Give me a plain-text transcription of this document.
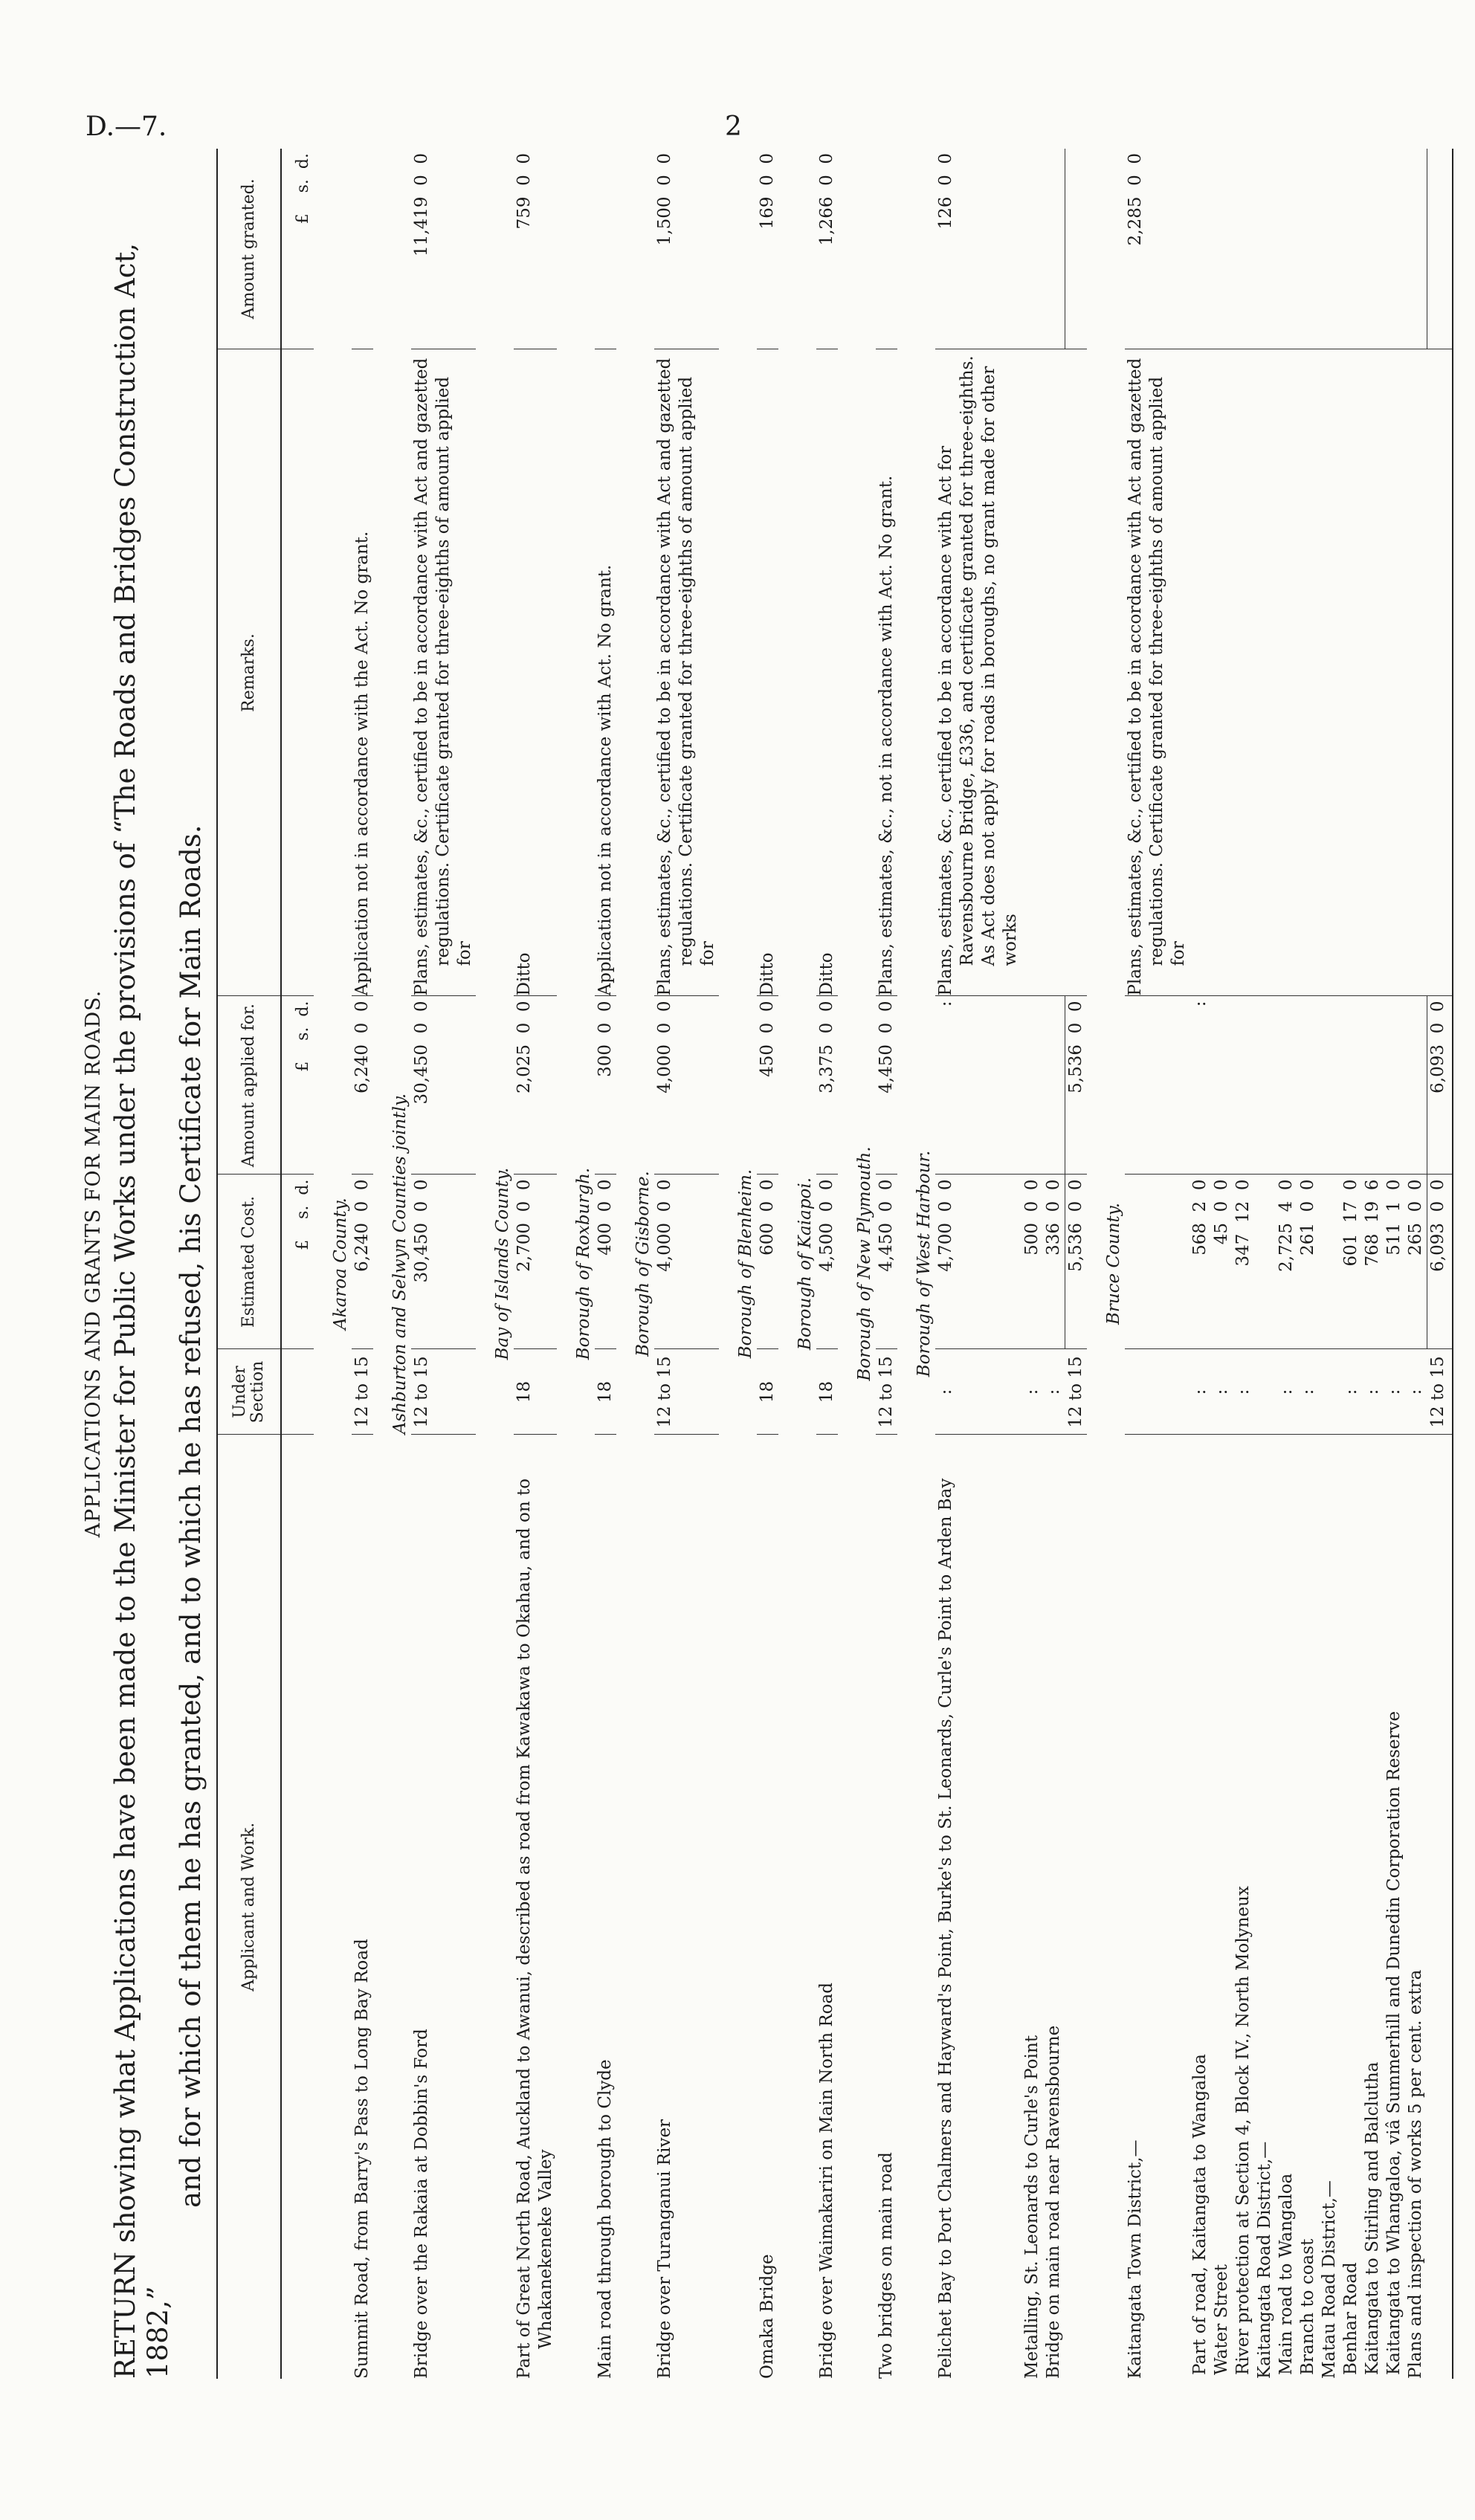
D.—7.	2
APPLICATIONS AND GRANTS FOR MAIN ROADS. RETURN showing what Applications have been made to the Minister for Public Works under the provisions of “The Roads and Bridges Construction Act, 1882,”
and for which of them he has granted, and to which he has refused, his Certificate for Main Roads. Applicant and Work.	Under Section	Estimated Cost.	Amount applied for.	Remarks.	Amount granted.
		£    s.  d.	£    s.  d.		£    s.  d.
Akaroa County.					
Summit Road, from Barry's Pass to Long Bay Road	12 to 15	6,240  0  0	6,240  0  0	Application not in accordance with the Act. No grant.	
Ashburton and Selwyn Counties jointly.					
Bridge over the Rakaia at Dobbin's Ford	12 to 15	30,450  0  0	30,450  0  0	Plans, estimates, &c., certified to be in accordance with Act and gazetted regulations. Certificate granted for three-eighths of amount applied for	11,419  0  0
Bay of Islands County.					
Part of Great North Road, Auckland to Awanui, described as road from Kawakawa to Okahau, and on to Whakanekeneke Valley	18	2,700  0  0	2,025  0  0	Ditto	759  0  0
Borough of Roxburgh.					
Main road through borough to Clyde	18	400  0  0	300  0  0	Application not in accordance with Act. No grant.	
Borough of Gisborne.					
Bridge over Turanganui River	12 to 15	4,000  0  0	4,000  0  0	Plans, estimates, &c., certified to be in accordance with Act and gazetted regulations. Certificate granted for three-eighths of amount applied for	1,500  0  0
Borough of Blenheim.					
Omaka Bridge	18	600  0  0	450  0  0	Ditto	169  0  0
Borough of Kaiapoi.					
Bridge over Waimakariri on Main North Road	18	4,500  0  0	3,375  0  0	Ditto	1,266  0  0
Borough of New Plymouth.					
Two bridges on main road	12 to 15	4,450  0  0	4,450  0  0	Plans, estimates, &c., not in accordance with Act. No grant.	
Borough of West Harbour.					
Pelichet Bay to Port Chalmers and Hayward's Point, Burke's to St. Leonards, Curle's Point to Arden Bay	:	4,700  0  0	:	Plans, estimates, &c., certified to be in accordance with Act for Ravensbourne Bridge, £336, and certificate granted for three-eighths. As Act does not apply for roads in boroughs, no grant made for other works	126  0  0
Metalling, St. Leonards to Curle's Point	:	500  0  0			
Bridge on main road near Ravensbourne	:	336  0  0			
	12 to 15	5,536  0  0	5,536  0  0		
Bruce County.					
Kaitangata Town District,—				Plans, estimates, &c., certified to be in accordance with Act and gazetted regulations. Certificate granted for three-eighths of amount applied for	2,285  0  0
Part of road, Kaitangata to Wangaloa	:	568  2  0	:		
Water Street	:	45  0  0			
River protection at Section 4, Block IV., North Molyneux	:	347  12  0			
Kaitangata Road District,—					
Main road to Wangaloa	:	2,725  4  0			
Branch to coast	:	261  0  0			
Matau Road District,—					
Benhar Road	:	601  17  0			
Kaitangata to Stirling and Balclutha	:	768  19  6			
Kaitangata to Whangaloa, viâ Summerhill and Dunedin Corporation Reserve	:	511  1  0			
Plans and inspection of works 5 per cent. extra	:	265  0  0			
	12 to 15	6,093  0  0	6,093  0  0		
